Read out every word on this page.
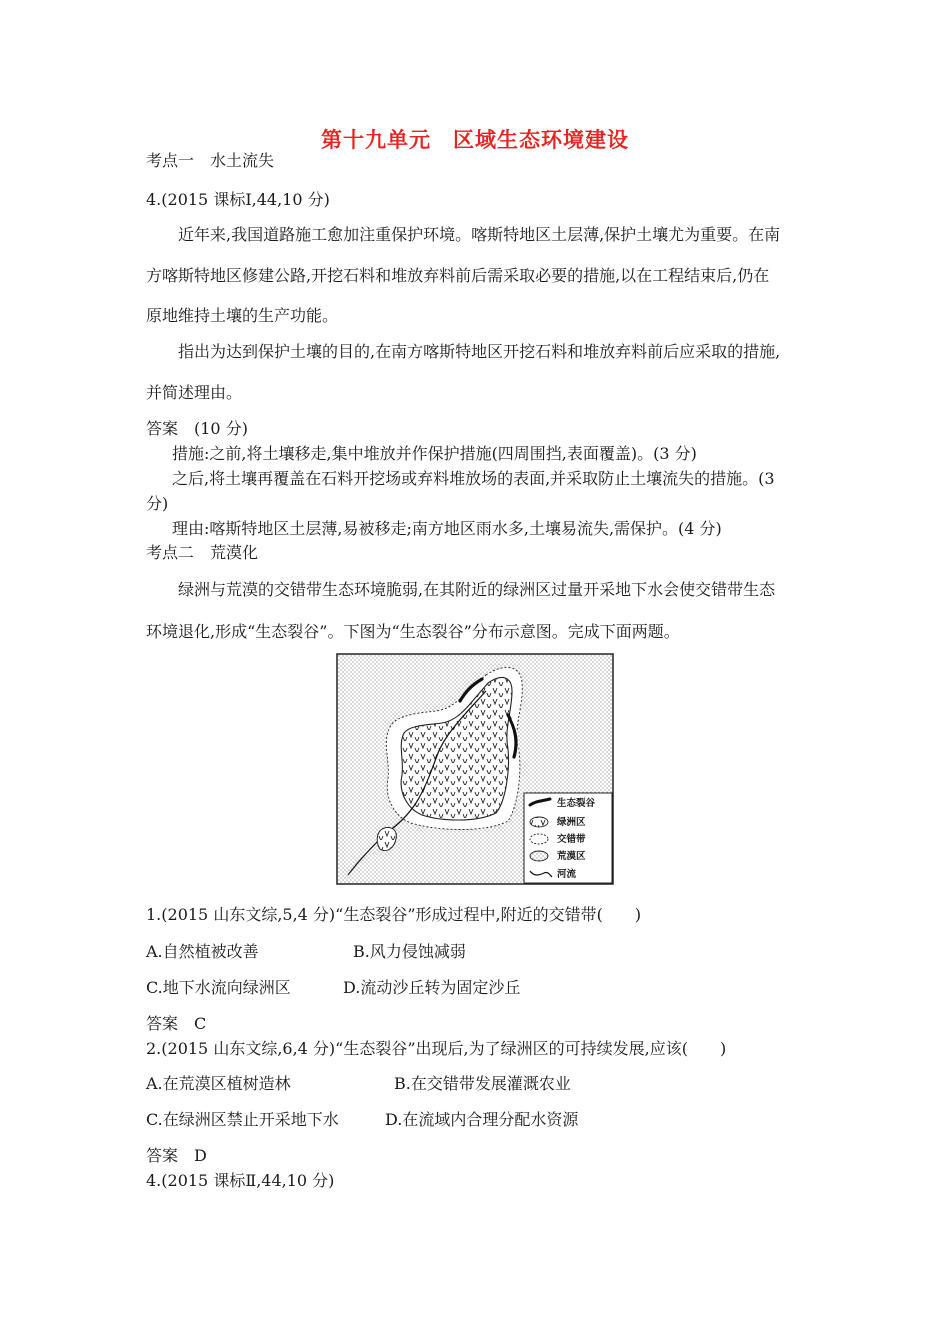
第十九单元　区域生态环境建设
考点一　水土流失
4.(2015 课标Ⅰ,44,10 分)
近年来,我国道路施工愈加注重保护环境。喀斯特地区土层薄,保护土壤尤为重要。在南
方喀斯特地区修建公路,开挖石料和堆放弃料前后需采取必要的措施,以在工程结束后,仍在
原地维持土壤的生产功能。
指出为达到保护土壤的目的,在南方喀斯特地区开挖石料和堆放弃料前后应采取的措施,
并简述理由。
答案　(10 分)
措施:之前,将土壤移走,集中堆放并作保护措施(四周围挡,表面覆盖)。(3 分)
之后,将土壤再覆盖在石料开挖场或弃料堆放场的表面,并采取防止土壤流失的措施。(3
分)
理由:喀斯特地区土层薄,易被移走;南方地区雨水多,土壤易流失,需保护。(4 分)
考点二　荒漠化
绿洲与荒漠的交错带生态环境脆弱,在其附近的绿洲区过量开采地下水会使交错带生态
环境退化,形成“生态裂谷”。下图为“生态裂谷”分布示意图。完成下面两题。
生态裂谷
绿洲区
交错带
荒漠区
河流
1.(2015 山东文综,5,4 分)“生态裂谷”形成过程中,附近的交错带(　　)
A.自然植被改善	B.风力侵蚀减弱
C.地下水流向绿洲区	D.流动沙丘转为固定沙丘
答案　C
2.(2015 山东文综,6,4 分)“生态裂谷”出现后,为了绿洲区的可持续发展,应该(　　)
A.在荒漠区植树造林	B.在交错带发展灌溉农业
C.在绿洲区禁止开采地下水	D.在流域内合理分配水资源
答案　D
4.(2015 课标Ⅱ,44,10 分)
